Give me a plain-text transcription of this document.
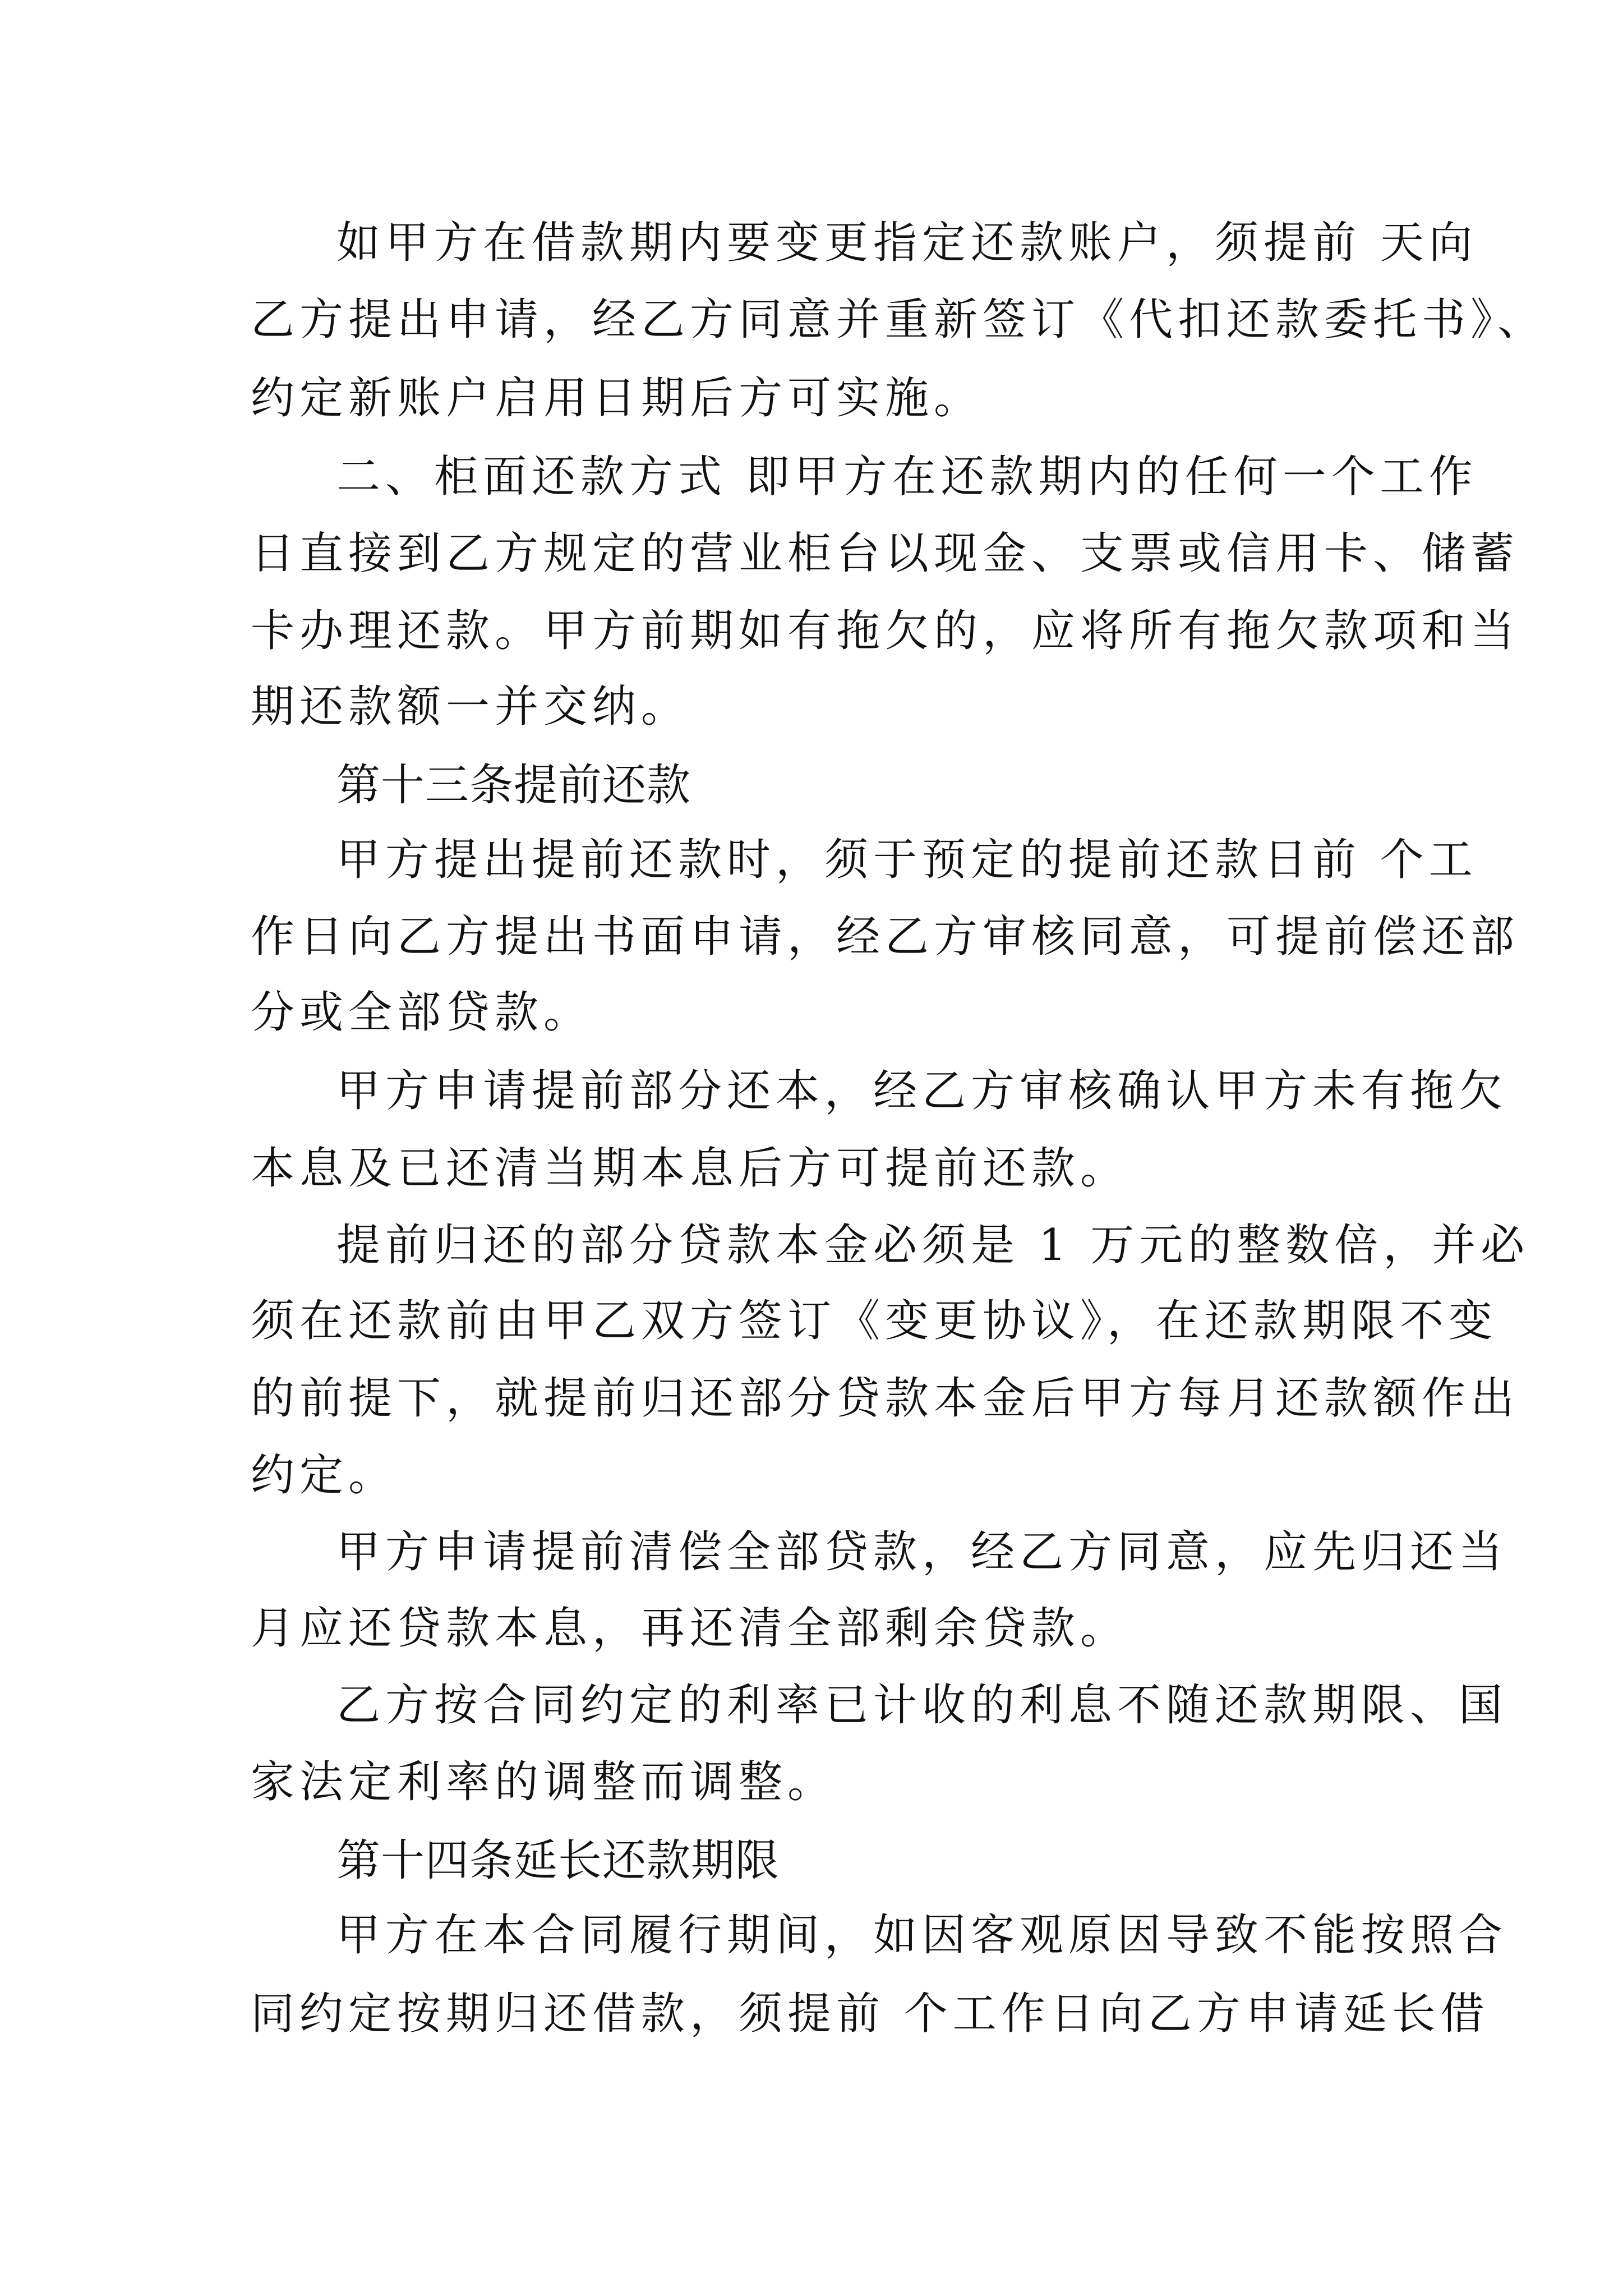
如甲方在借款期内要变更指定还款账户，须提前 天向

乙方提出申请，经乙方同意并重新签订《代扣还款委托书》、

约定新账户启用日期后方可实施。

二、柜面还款方式 即甲方在还款期内的任何一个工作

日直接到乙方规定的营业柜台以现金、支票或信用卡、储蓄

卡办理还款。甲方前期如有拖欠的，应将所有拖欠款项和当

期还款额一并交纳。

第十三条提前还款

甲方提出提前还款时，须于预定的提前还款日前 个工

作日向乙方提出书面申请，经乙方审核同意，可提前偿还部

分或全部贷款。

甲方申请提前部分还本，经乙方审核确认甲方未有拖欠

本息及已还清当期本息后方可提前还款。

提前归还的部分贷款本金必须是 1 万元的整数倍，并必

须在还款前由甲乙双方签订《变更协议》，在还款期限不变

的前提下，就提前归还部分贷款本金后甲方每月还款额作出

约定。

甲方申请提前清偿全部贷款，经乙方同意，应先归还当

月应还贷款本息，再还清全部剩余贷款。

乙方按合同约定的利率已计收的利息不随还款期限、国

家法定利率的调整而调整。

第十四条延长还款期限

甲方在本合同履行期间，如因客观原因导致不能按照合

同约定按期归还借款，须提前 个工作日向乙方申请延长借
